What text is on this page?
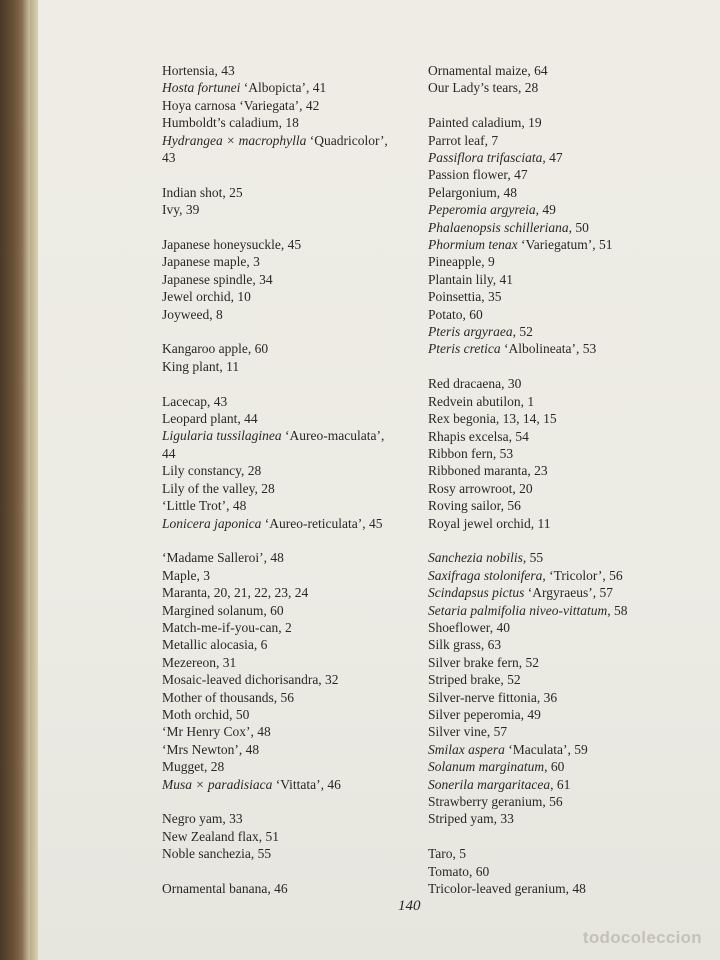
Hortensia, 43
Hosta fortunei ‘Albopicta’, 41
Hoya carnosa ‘Variegata’, 42
Humboldt’s caladium, 18
Hydrangea × macrophylla ‘Quadricolor’,
43
Indian shot, 25
Ivy, 39
Japanese honeysuckle, 45
Japanese maple, 3
Japanese spindle, 34
Jewel orchid, 10
Joyweed, 8
Kangaroo apple, 60
King plant, 11
Lacecap, 43
Leopard plant, 44
Ligularia tussilaginea ‘Aureo-maculata’,
44
Lily constancy, 28
Lily of the valley, 28
‘Little Trot’, 48
Lonicera japonica ‘Aureo-reticulata’, 45
‘Madame Salleroi’, 48
Maple, 3
Maranta, 20, 21, 22, 23, 24
Margined solanum, 60
Match-me-if-you-can, 2
Metallic alocasia, 6
Mezereon, 31
Mosaic-leaved dichorisandra, 32
Mother of thousands, 56
Moth orchid, 50
‘Mr Henry Cox’, 48
‘Mrs Newton’, 48
Mugget, 28
Musa × paradisiaca ‘Vittata’, 46
Negro yam, 33
New Zealand flax, 51
Noble sanchezia, 55
Ornamental banana, 46
Ornamental maize, 64
Our Lady’s tears, 28
Painted caladium, 19
Parrot leaf, 7
Passiflora trifasciata, 47
Passion flower, 47
Pelargonium, 48
Peperomia argyreia, 49
Phalaenopsis schilleriana, 50
Phormium tenax ‘Variegatum’, 51
Pineapple, 9
Plantain lily, 41
Poinsettia, 35
Potato, 60
Pteris argyraea, 52
Pteris cretica ‘Albolineata’, 53
Red dracaena, 30
Redvein abutilon, 1
Rex begonia, 13, 14, 15
Rhapis excelsa, 54
Ribbon fern, 53
Ribboned maranta, 23
Rosy arrowroot, 20
Roving sailor, 56
Royal jewel orchid, 11
Sanchezia nobilis, 55
Saxifraga stolonifera, ‘Tricolor’, 56
Scindapsus pictus ‘Argyraeus’, 57
Setaria palmifolia niveo-vittatum, 58
Shoeflower, 40
Silk grass, 63
Silver brake fern, 52
Striped brake, 52
Silver-nerve fittonia, 36
Silver peperomia, 49
Silver vine, 57
Smilax aspera ‘Maculata’, 59
Solanum marginatum, 60
Sonerila margaritacea, 61
Strawberry geranium, 56
Striped yam, 33
Taro, 5
Tomato, 60
Tricolor-leaved geranium, 48
140
todocoleccion
